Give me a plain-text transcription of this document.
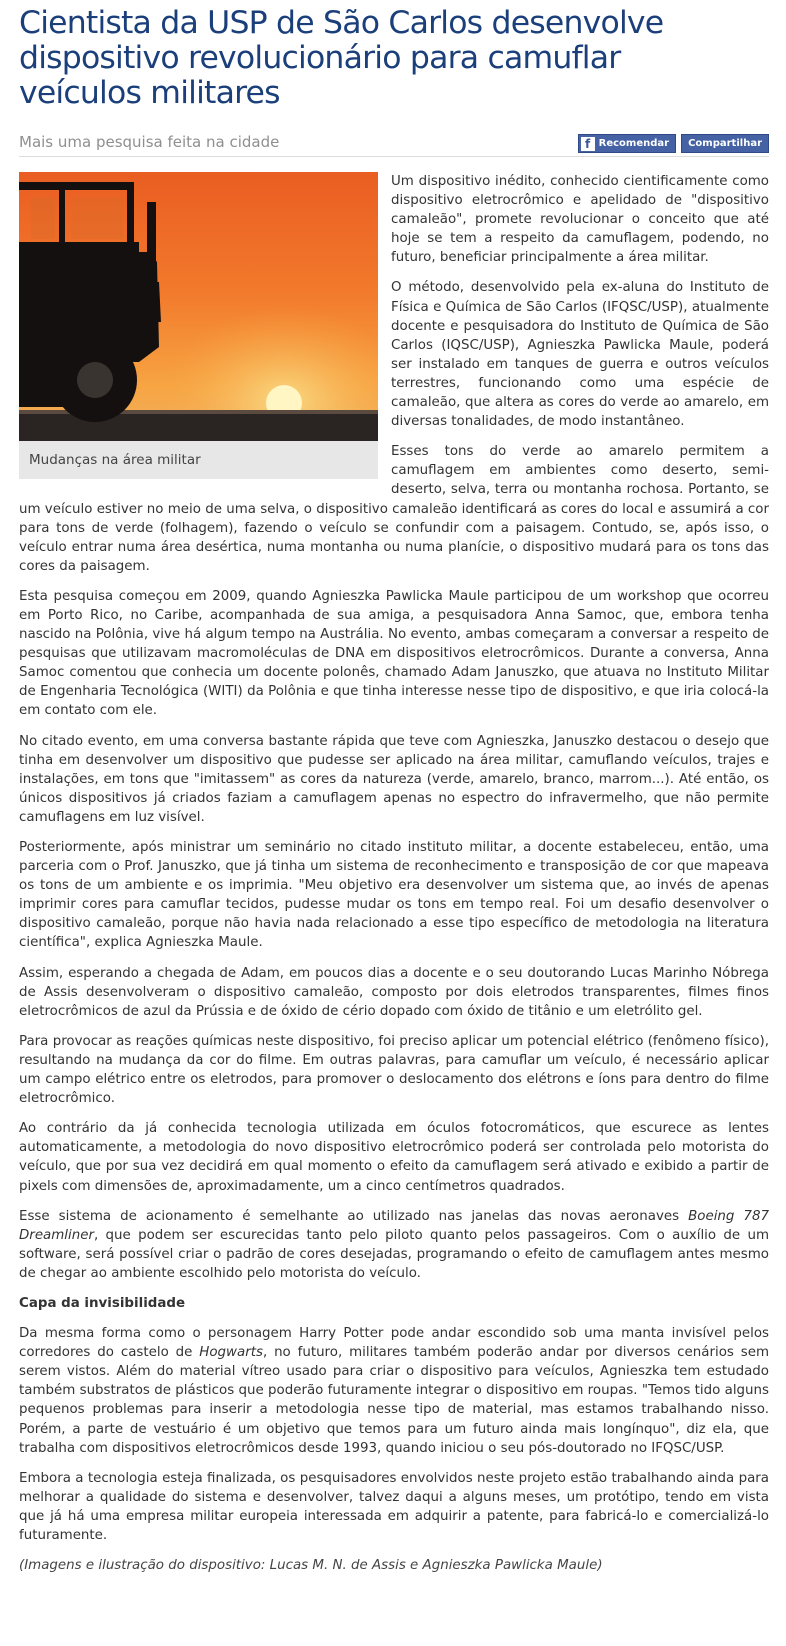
Cientista da USP de São Carlos desenvolve dispositivo revolucionário para camuflar veículos militares
Mais uma pesquisa feita na cidade	f Recomendar Compartilhar
Mudanças na área militar

Um dispositivo inédito, conhecido cientificamente como dispositivo eletrocrômico e apelidado de "dispositivo camaleão", promete revolucionar o conceito que até hoje se tem a respeito da camuflagem, podendo, no futuro, beneficiar principalmente a área militar.

O método, desenvolvido pela ex-aluna do Instituto de Física e Química de São Carlos (IFQSC/USP), atualmente docente e pesquisadora do Instituto de Química de São Carlos (IQSC/USP), Agnieszka Pawlicka Maule, poderá ser instalado em tanques de guerra e outros veículos terrestres, funcionando como uma espécie de camaleão, que altera as cores do verde ao amarelo, em diversas tonalidades, de modo instantâneo.

Esses tons do verde ao amarelo permitem a camuflagem em ambientes como deserto, semi-deserto, selva, terra ou montanha rochosa. Portanto, se um veículo estiver no meio de uma selva, o dispositivo camaleão identificará as cores do local e assumirá a cor para tons de verde (folhagem), fazendo o veículo se confundir com a paisagem. Contudo, se, após isso, o veículo entrar numa área desértica, numa montanha ou numa planície, o dispositivo mudará para os tons das cores da paisagem.

Esta pesquisa começou em 2009, quando Agnieszka Pawlicka Maule participou de um workshop que ocorreu em Porto Rico, no Caribe, acompanhada de sua amiga, a pesquisadora Anna Samoc, que, embora tenha nascido na Polônia, vive há algum tempo na Austrália. No evento, ambas começaram a conversar a respeito de pesquisas que utilizavam macromoléculas de DNA em dispositivos eletrocrômicos. Durante a conversa, Anna Samoc comentou que conhecia um docente polonês, chamado Adam Januszko, que atuava no Instituto Militar de Engenharia Tecnológica (WITI) da Polônia e que tinha interesse nesse tipo de dispositivo, e que iria colocá-la em contato com ele.

No citado evento, em uma conversa bastante rápida que teve com Agnieszka, Januszko destacou o desejo que tinha em desenvolver um dispositivo que pudesse ser aplicado na área militar, camuflando veículos, trajes e instalações, em tons que "imitassem" as cores da natureza (verde, amarelo, branco, marrom...). Até então, os únicos dispositivos já criados faziam a camuflagem apenas no espectro do infravermelho, que não permite camuflagens em luz visível.

Posteriormente, após ministrar um seminário no citado instituto militar, a docente estabeleceu, então, uma parceria com o Prof. Januszko, que já tinha um sistema de reconhecimento e transposição de cor que mapeava os tons de um ambiente e os imprimia. "Meu objetivo era desenvolver um sistema que, ao invés de apenas imprimir cores para camuflar tecidos, pudesse mudar os tons em tempo real. Foi um desafio desenvolver o dispositivo camaleão, porque não havia nada relacionado a esse tipo específico de metodologia na literatura científica", explica Agnieszka Maule.

Assim, esperando a chegada de Adam, em poucos dias a docente e o seu doutorando Lucas Marinho Nóbrega de Assis desenvolveram o dispositivo camaleão, composto por dois eletrodos transparentes, filmes finos eletrocrômicos de azul da Prússia e de óxido de cério dopado com óxido de titânio e um eletrólito gel.

Para provocar as reações químicas neste dispositivo, foi preciso aplicar um potencial elétrico (fenômeno físico), resultando na mudança da cor do filme. Em outras palavras, para camuflar um veículo, é necessário aplicar um campo elétrico entre os eletrodos, para promover o deslocamento dos elétrons e íons para dentro do filme eletrocrômico.

Ao contrário da já conhecida tecnologia utilizada em óculos fotocromáticos, que escurece as lentes automaticamente, a metodologia do novo dispositivo eletrocrômico poderá ser controlada pelo motorista do veículo, que por sua vez decidirá em qual momento o efeito da camuflagem será ativado e exibido a partir de pixels com dimensões de, aproximadamente, um a cinco centímetros quadrados.

Esse sistema de acionamento é semelhante ao utilizado nas janelas das novas aeronaves Boeing 787 Dreamliner, que podem ser escurecidas tanto pelo piloto quanto pelos passageiros. Com o auxílio de um software, será possível criar o padrão de cores desejadas, programando o efeito de camuflagem antes mesmo de chegar ao ambiente escolhido pelo motorista do veículo.

Capa da invisibilidade

Da mesma forma como o personagem Harry Potter pode andar escondido sob uma manta invisível pelos corredores do castelo de Hogwarts, no futuro, militares também poderão andar por diversos cenários sem serem vistos. Além do material vítreo usado para criar o dispositivo para veículos, Agnieszka tem estudado também substratos de plásticos que poderão futuramente integrar o dispositivo em roupas. "Temos tido alguns pequenos problemas para inserir a metodologia nesse tipo de material, mas estamos trabalhando nisso. Porém, a parte de vestuário é um objetivo que temos para um futuro ainda mais longínquo", diz ela, que trabalha com dispositivos eletrocrômicos desde 1993, quando iniciou o seu pós-doutorado no IFQSC/USP.

Embora a tecnologia esteja finalizada, os pesquisadores envolvidos neste projeto estão trabalhando ainda para melhorar a qualidade do sistema e desenvolver, talvez daqui a alguns meses, um protótipo, tendo em vista que já há uma empresa militar europeia interessada em adquirir a patente, para fabricá-lo e comercializá-lo futuramente.

(Imagens e ilustração do dispositivo: Lucas M. N. de Assis e Agnieszka Pawlicka Maule)
